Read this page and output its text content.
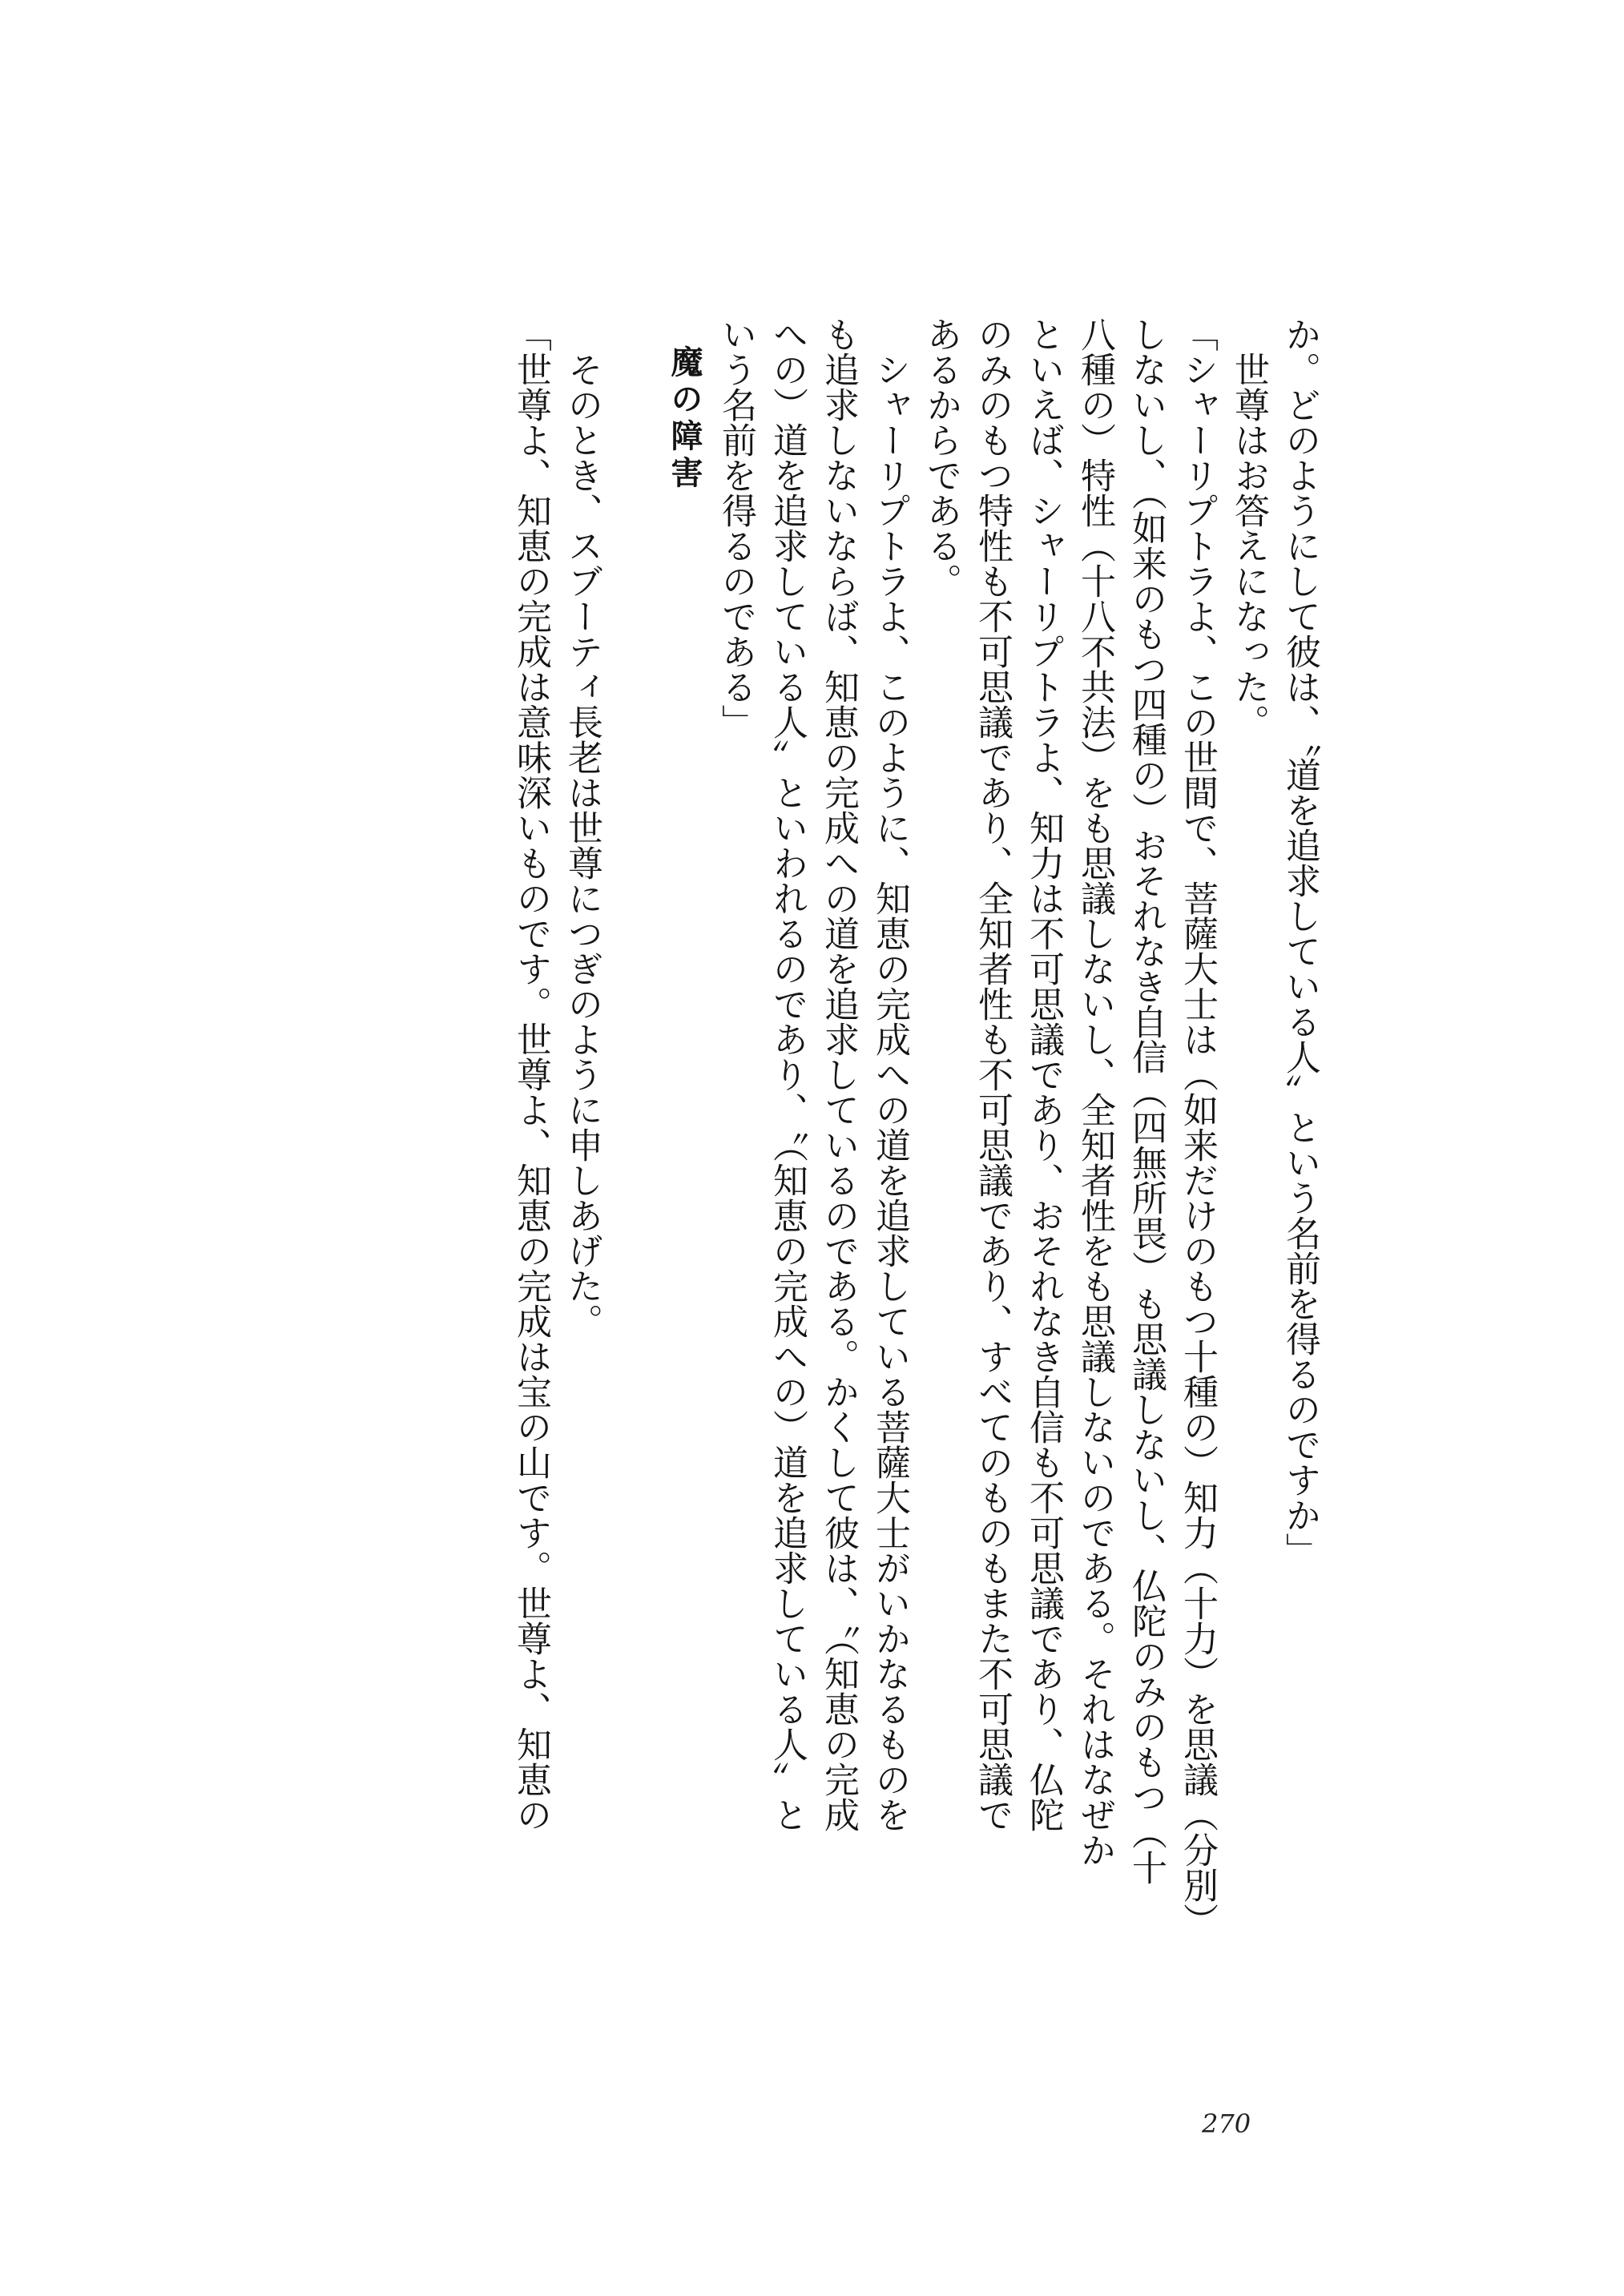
か。どのようにして彼は、〝道を追求している人〟という名前を得るのですか」

　世尊はお答えになった。

「シャーリプトラよ、この世間で、菩薩大士は（如来だけのもつ十種の）知力（十力）を思議（分別）

しないし、（如来のもつ四種の）おそれなき自信（四無所畏）も思議しないし、仏陀のみのもつ（十

八種の）特性（十八不共法）をも思議しないし、全知者性をも思議しないのである。それはなぜか

といえば、シャーリプトラよ、知力は不可思議であり、おそれなき自信も不可思議であり、仏陀

のみのもつ特性も不可思議であり、全知者性も不可思議であり、すべてのものもまた不可思議で

あるからである。

　シャーリプトラよ、このように、知恵の完成への道を追求している菩薩大士がいかなるものを

も追求しないならば、知恵の完成への道を追求しているのである。かくして彼は、〝（知恵の完成

への）道を追求している人〟といわれるのであり、〝（知恵の完成への）道を追求している人〟と

いう名前を得るのである」

魔の障害

　そのとき、スブーティ長老は世尊につぎのように申しあげた。

「世尊よ、知恵の完成は意味深いものです。世尊よ、知恵の完成は宝の山です。世尊よ、知恵の

270
